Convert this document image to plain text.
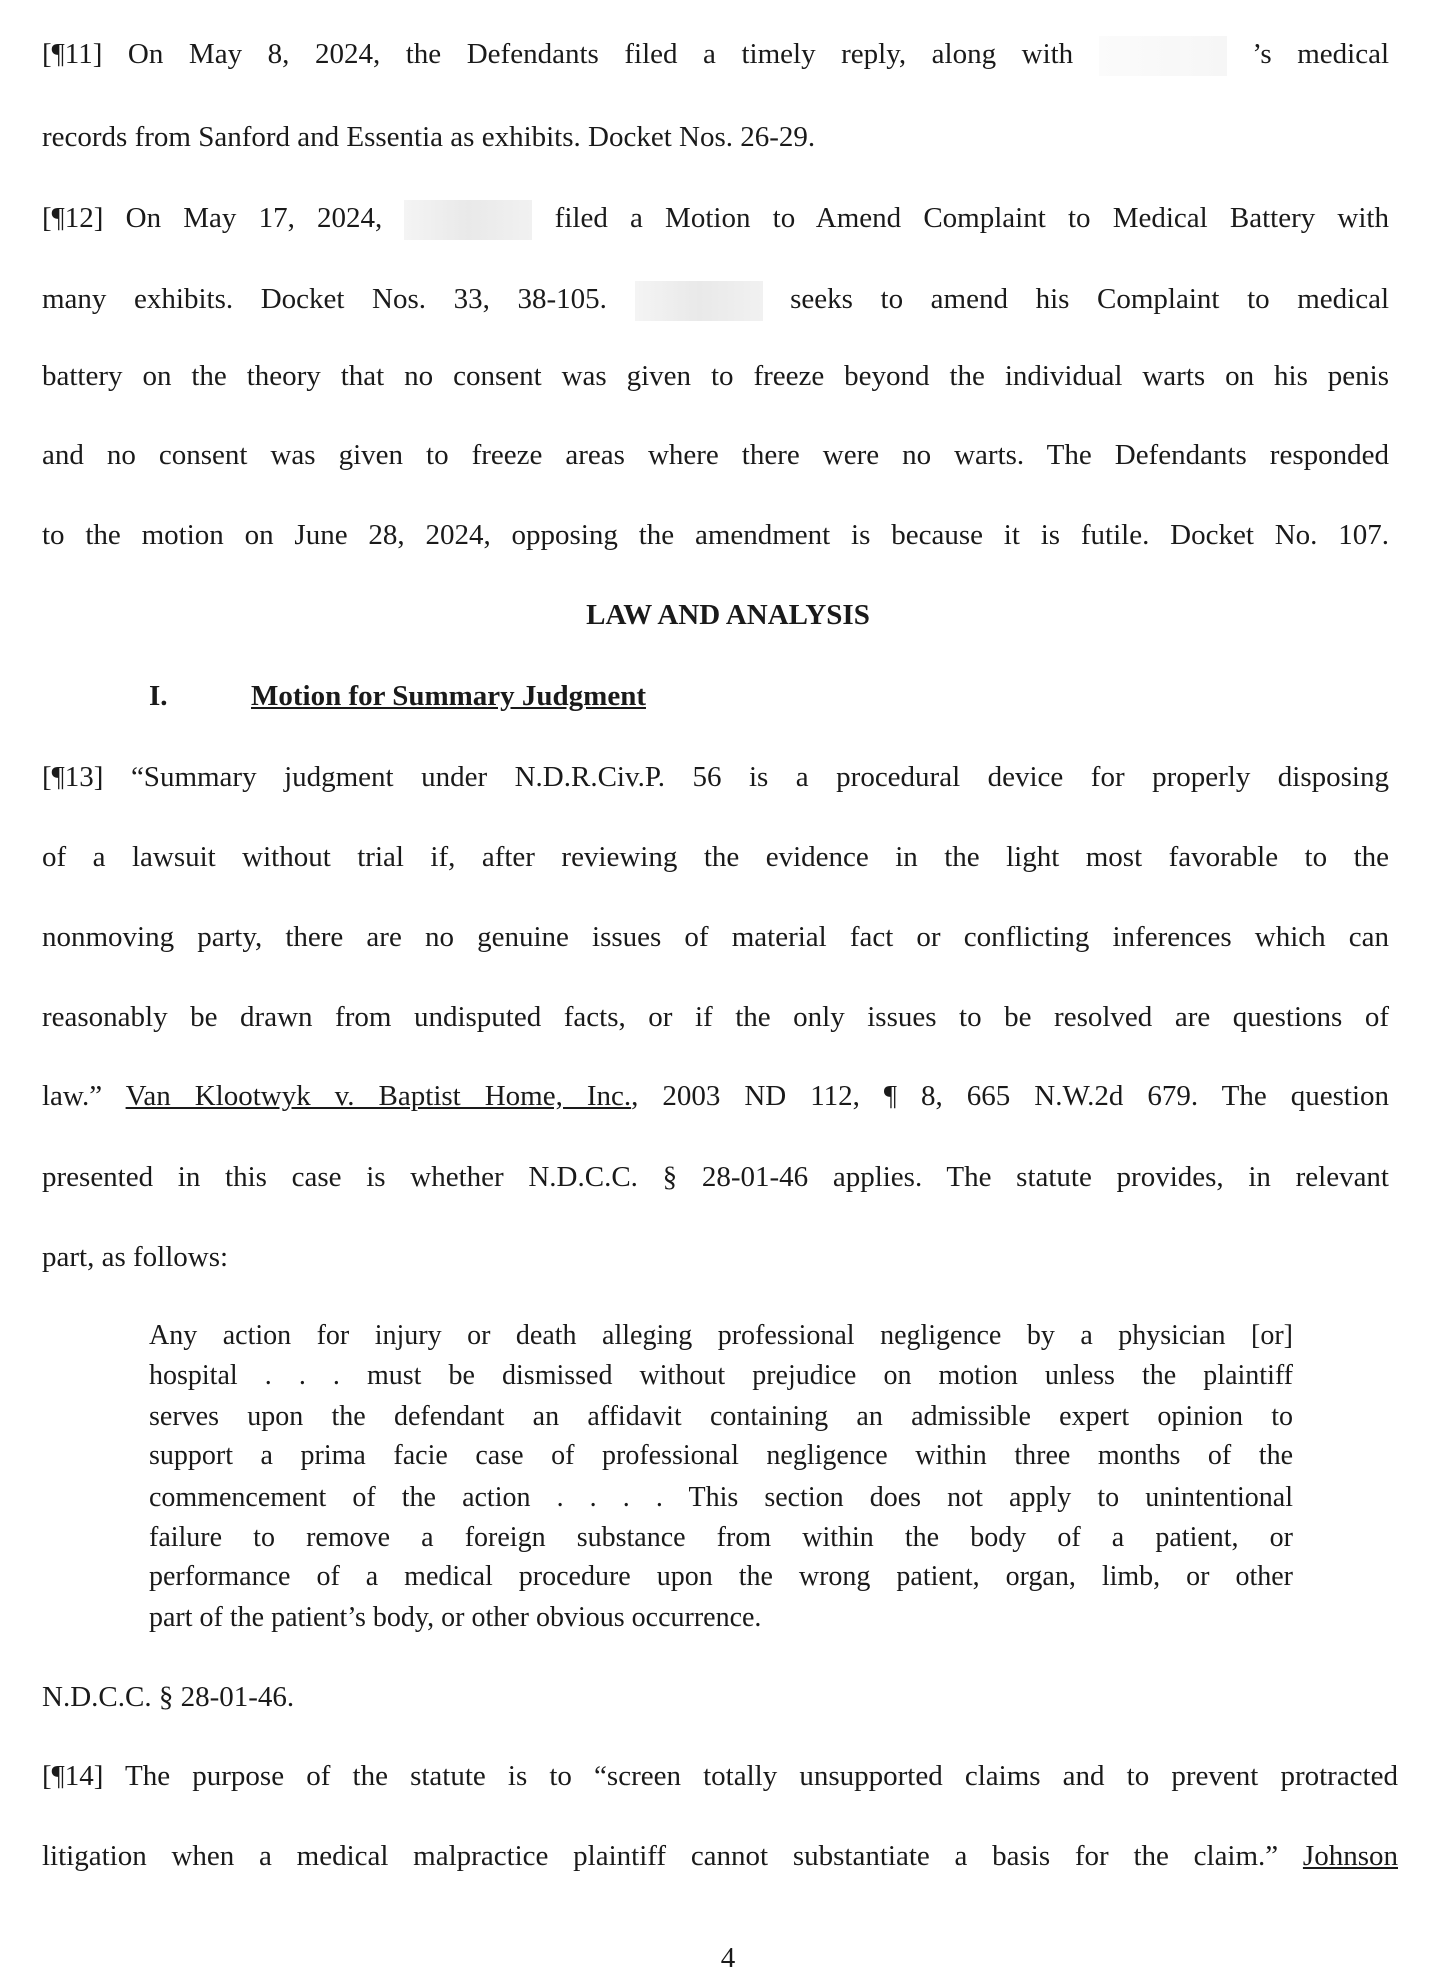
LAW AND ANALYSIS
I.	Motion for Summary Judgment
4
[¶11] On May 8, 2024, the Defendants filed a timely reply, along with	’s medical
records from Sanford and Essentia as exhibits. Docket Nos. 26-29.
[¶12] On May 17, 2024,	filed a Motion to Amend Complaint to Medical Battery with
many exhibits. Docket Nos. 33, 38-105.	seeks to amend his Complaint to medical
battery on the theory that no consent was given to freeze beyond the individual warts on his penis
and no consent was given to freeze areas where there were no warts. The Defendants responded
to the motion on June 28, 2024, opposing the amendment is because it is futile. Docket No. 107.
[¶13] “Summary judgment under N.D.R.Civ.P. 56 is a procedural device for properly disposing
of a lawsuit without trial if, after reviewing the evidence in the light most favorable to the
nonmoving party, there are no genuine issues of material fact or conflicting inferences which can
reasonably be drawn from undisputed facts, or if the only issues to be resolved are questions of
law.” Van Klootwyk v. Baptist Home, Inc., 2003 ND 112, ¶ 8, 665 N.W.2d 679. The question
presented in this case is whether N.D.C.C. § 28-01-46 applies. The statute provides, in relevant
part, as follows:
Any action for injury or death alleging professional negligence by a physician [or]
hospital . . . must be dismissed without prejudice on motion unless the plaintiff
serves upon the defendant an affidavit containing an admissible expert opinion to
support a prima facie case of professional negligence within three months of the
commencement of the action . . . . This section does not apply to unintentional
failure to remove a foreign substance from within the body of a patient, or
performance of a medical procedure upon the wrong patient, organ, limb, or other
part of the patient’s body, or other obvious occurrence.
N.D.C.C. § 28-01-46.
[¶14] The purpose of the statute is to “screen totally unsupported claims and to prevent protracted
litigation when a medical malpractice plaintiff cannot substantiate a basis for the claim.” Johnson
